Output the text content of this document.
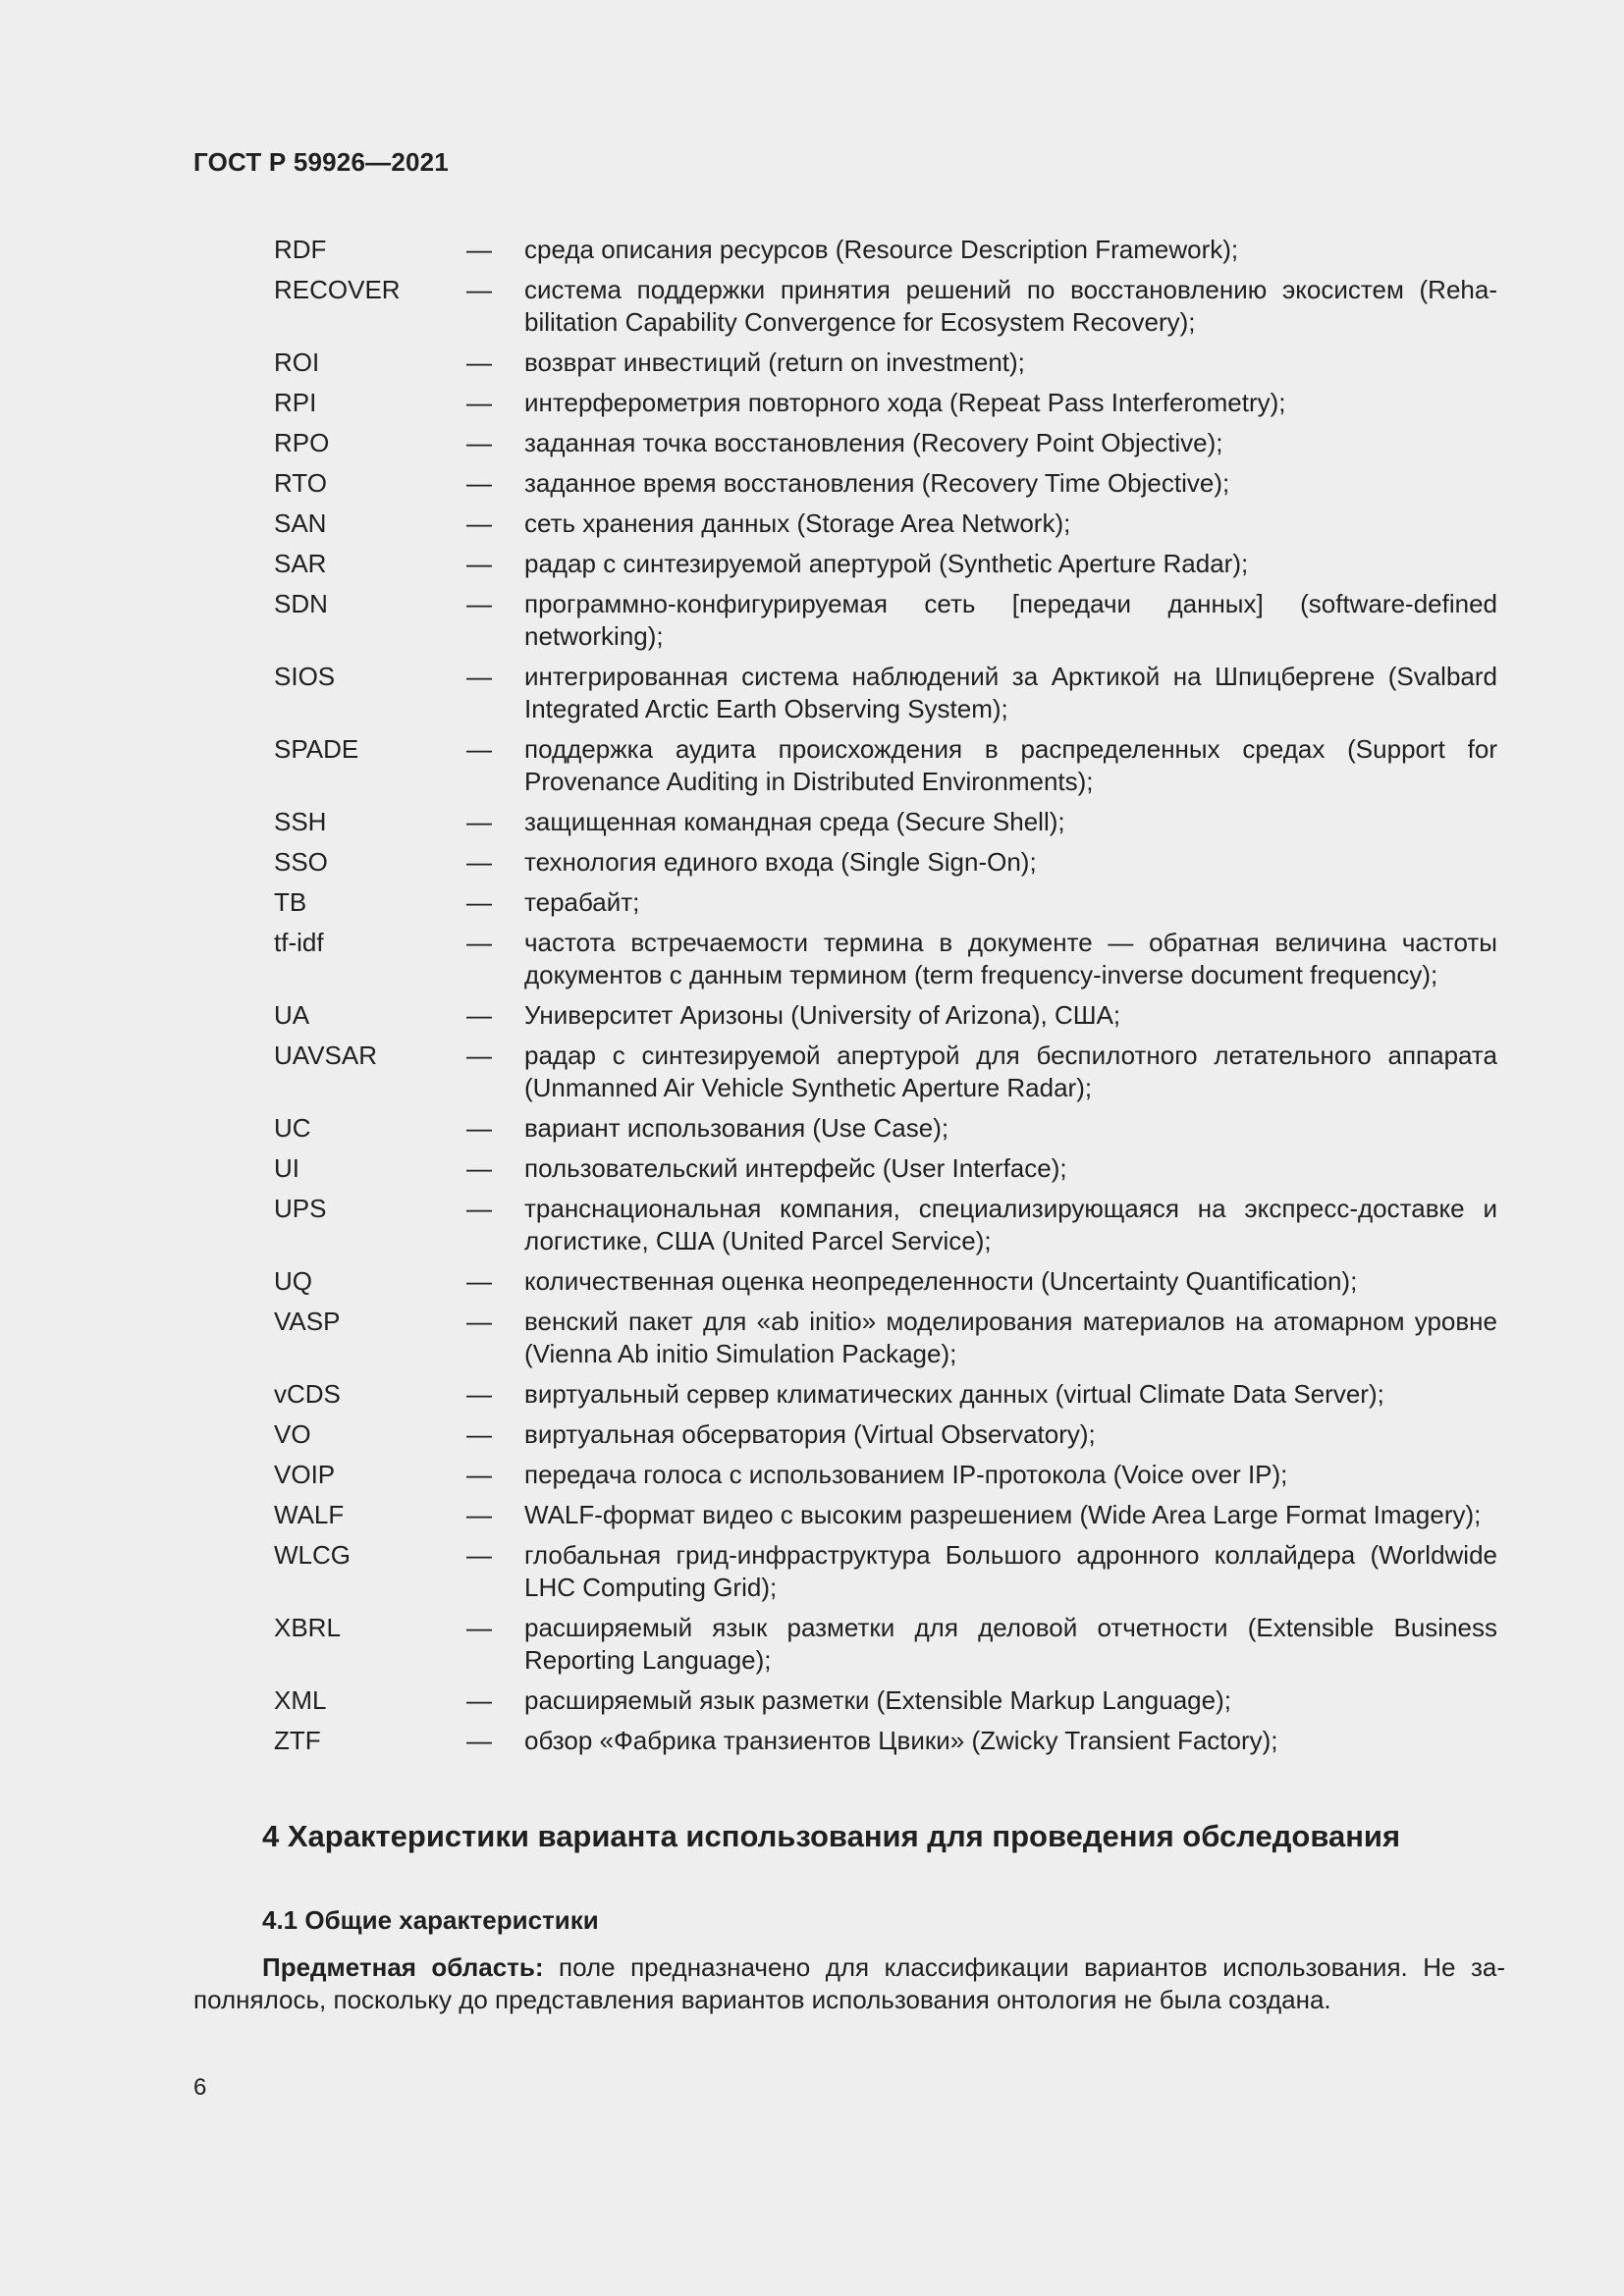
ГОСТ Р 59926—2021
RDF	—	среда описания ресурсов (Resource Description Framework);
RECOVER	—	система поддержки принятия решений по восстановлению экосистем (Rehabilitation Capability Convergence for Ecosystem Recovery);
ROI	—	возврат инвестиций (return on investment);
RPI	—	интерферометрия повторного хода (Repeat Pass Interferometry);
RPO	—	заданная точка восстановления (Recovery Point Objective);
RTO	—	заданное время восстановления (Recovery Time Objective);
SAN	—	сеть хранения данных (Storage Area Network);
SAR	—	радар с синтезируемой апертурой (Synthetic Aperture Radar);
SDN	—	программно-конфигурируемая сеть [передачи данных] (software-defined networking);
SIOS	—	интегрированная система наблюдений за Арктикой на Шпицбергене (Svalbard Integrated Arctic Earth Observing System);
SPADE	—	поддержка аудита происхождения в распределенных средах (Support for Provenance Auditing in Distributed Environments);
SSH	—	защищенная командная среда (Secure Shell);
SSO	—	технология единого входа (Single Sign-On);
TB	—	терабайт;
tf-idf	—	частота встречаемости термина в документе — обратная величина частоты документов с данным термином (term frequency-inverse document frequency);
UA	—	Университет Аризоны (University of Arizona), США;
UAVSAR	—	радар с синтезируемой апертурой для беспилотного летательного аппарата (Unmanned Air Vehicle Synthetic Aperture Radar);
UC	—	вариант использования (Use Case);
UI	—	пользовательский интерфейс (User Interface);
UPS	—	транснациональная компания, специализирующаяся на экспресс-доставке и логистике, США (United Parcel Service);
UQ	—	количественная оценка неопределенности (Uncertainty Quantification);
VASP	—	венский пакет для «ab initio» моделирования материалов на атомарном уровне (Vienna Ab initio Simulation Package);
vCDS	—	виртуальный сервер климатических данных (virtual Climate Data Server);
VO	—	виртуальная обсерватория (Virtual Observatory);
VOIP	—	передача голоса с использованием IP-протокола (Voice over IP);
WALF	—	WALF-формат видео с высоким разрешением (Wide Area Large Format Imagery);
WLCG	—	глобальная грид-инфраструктура Большого адронного коллайдера (Worldwide LHC Computing Grid);
XBRL	—	расширяемый язык разметки для деловой отчетности (Extensible Business Reporting Language);
XML	—	расширяемый язык разметки (Extensible Markup Language);
ZTF	—	обзор «Фабрика транзиентов Цвики» (Zwicky Transient Factory);
4 Характеристики варианта использования для проведения обследования
4.1 Общие характеристики

Предметная область: поле предназначено для классификации вариантов использования. Не заполнялось, поскольку до представления вариантов использования онтология не была создана.

6
